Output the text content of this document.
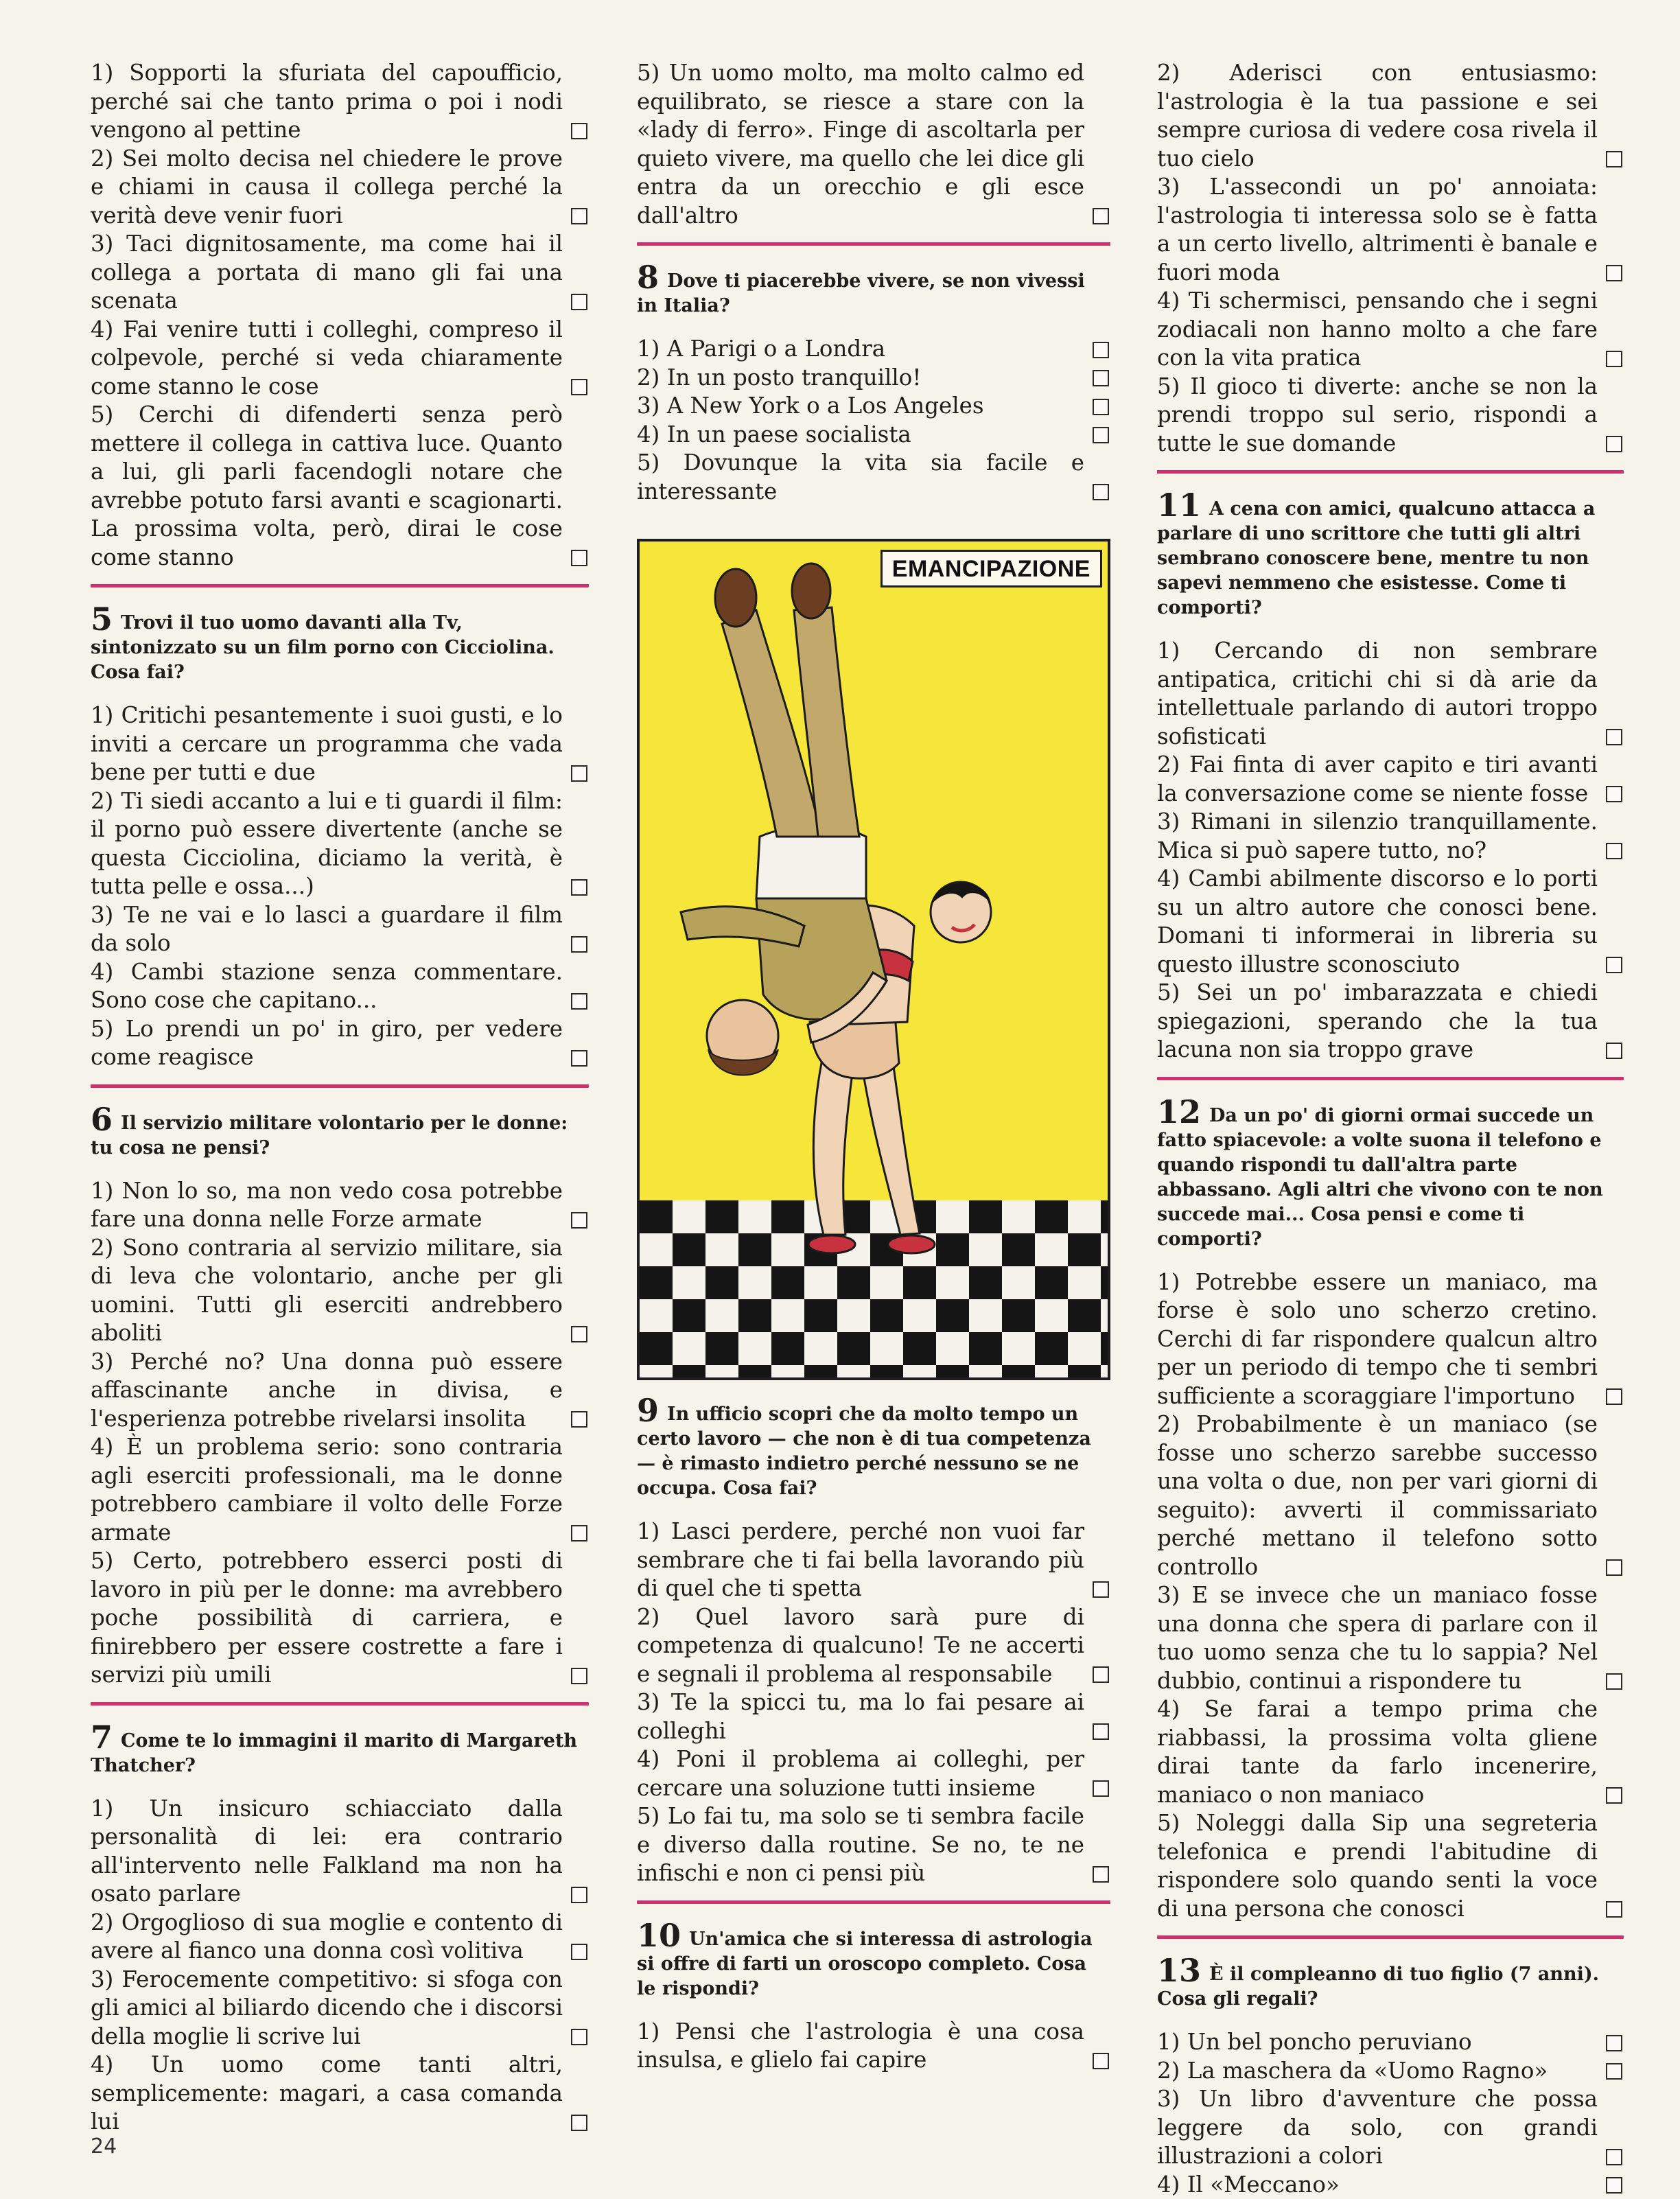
1) Sopporti la sfuriata del capoufficio, perché sai che tanto prima o poi i nodi vengono al pettine
2) Sei molto decisa nel chiedere le prove e chiami in causa il collega perché la verità deve venir fuori
3) Taci dignitosamente, ma come hai il collega a portata di mano gli fai una scenata
4) Fai venire tutti i colleghi, compreso il colpevole, perché si veda chiaramente come stanno le cose
5) Cerchi di difenderti senza però mettere il collega in cattiva luce. Quanto a lui, gli parli facendogli notare che avrebbe potuto farsi avanti e scagionarti. La prossima volta, però, dirai le cose come stanno
5 Trovi il tuo uomo davanti alla Tv, sintonizzato su un film porno con Cicciolina. Cosa fai?
1) Critichi pesantemente i suoi gusti, e lo inviti a cercare un programma che vada bene per tutti e due
2) Ti siedi accanto a lui e ti guardi il film: il porno può essere divertente (anche se questa Cicciolina, diciamo la verità, è tutta pelle e ossa...)
3) Te ne vai e lo lasci a guardare il film da solo
4) Cambi stazione senza commentare. Sono cose che capitano...
5) Lo prendi un po' in giro, per vedere come reagisce
6 Il servizio militare volontario per le donne: tu cosa ne pensi?
1) Non lo so, ma non vedo cosa potrebbe fare una donna nelle Forze armate
2) Sono contraria al servizio militare, sia di leva che volontario, anche per gli uomini. Tutti gli eserciti andrebbero aboliti
3) Perché no? Una donna può essere affascinante anche in divisa, e l'esperienza potrebbe rivelarsi insolita
4) È un problema serio: sono contraria agli eserciti professionali, ma le donne potrebbero cambiare il volto delle Forze armate
5) Certo, potrebbero esserci posti di lavoro in più per le donne: ma avrebbero poche possibilità di carriera, e finirebbero per essere costrette a fare i servizi più umili
7 Come te lo immagini il marito di Margareth Thatcher?
1) Un insicuro schiacciato dalla personalità di lei: era contrario all'intervento nelle Falkland ma non ha osato parlare
2) Orgoglioso di sua moglie e contento di avere al fianco una donna così volitiva
3) Ferocemente competitivo: si sfoga con gli amici al biliardo dicendo che i discorsi della moglie li scrive lui
4) Un uomo come tanti altri, semplicemente: magari, a casa comanda lui
5) Un uomo molto, ma molto calmo ed equilibrato, se riesce a stare con la «lady di ferro». Finge di ascoltarla per quieto vivere, ma quello che lei dice gli entra da un orecchio e gli esce dall'altro
8 Dove ti piacerebbe vivere, se non vivessi in Italia?
1) A Parigi o a Londra
2) In un posto tranquillo!
3) A New York o a Los Angeles
4) In un paese socialista
5) Dovunque la vita sia facile e interessante
EMANCIPAZIONE
9 In ufficio scopri che da molto tempo un certo lavoro — che non è di tua competenza — è rimasto indietro perché nessuno se ne occupa. Cosa fai?
1) Lasci perdere, perché non vuoi far sembrare che ti fai bella lavorando più di quel che ti spetta
2) Quel lavoro sarà pure di competenza di qualcuno! Te ne accerti e segnali il problema al responsabile
3) Te la spicci tu, ma lo fai pesare ai colleghi
4) Poni il problema ai colleghi, per cercare una soluzione tutti insieme
5) Lo fai tu, ma solo se ti sembra facile e diverso dalla routine. Se no, te ne infischi e non ci pensi più
10 Un'amica che si interessa di astrologia si offre di farti un oroscopo completo. Cosa le rispondi?
1) Pensi che l'astrologia è una cosa insulsa, e glielo fai capire
2) Aderisci con entusiasmo: l'astrologia è la tua passione e sei sempre curiosa di vedere cosa rivela il tuo cielo
3) L'assecondi un po' annoiata: l'astrologia ti interessa solo se è fatta a un certo livello, altrimenti è banale e fuori moda
4) Ti schermisci, pensando che i segni zodiacali non hanno molto a che fare con la vita pratica
5) Il gioco ti diverte: anche se non la prendi troppo sul serio, rispondi a tutte le sue domande
11 A cena con amici, qualcuno attacca a parlare di uno scrittore che tutti gli altri sembrano conoscere bene, mentre tu non sapevi nemmeno che esistesse. Come ti comporti?
1) Cercando di non sembrare antipatica, critichi chi si dà arie da intellettuale parlando di autori troppo sofisticati
2) Fai finta di aver capito e tiri avanti la conversazione come se niente fosse
3) Rimani in silenzio tranquillamente. Mica si può sapere tutto, no?
4) Cambi abilmente discorso e lo porti su un altro autore che conosci bene. Domani ti informerai in libreria su questo illustre sconosciuto
5) Sei un po' imbarazzata e chiedi spiegazioni, sperando che la tua lacuna non sia troppo grave
12 Da un po' di giorni ormai succede un fatto spiacevole: a volte suona il telefono e quando rispondi tu dall'altra parte abbassano. Agli altri che vivono con te non succede mai... Cosa pensi e come ti comporti?
1) Potrebbe essere un maniaco, ma forse è solo uno scherzo cretino. Cerchi di far rispondere qualcun altro per un periodo di tempo che ti sembri sufficiente a scoraggiare l'importuno
2) Probabilmente è un maniaco (se fosse uno scherzo sarebbe successo una volta o due, non per vari giorni di seguito): avverti il commissariato perché mettano il telefono sotto controllo
3) E se invece che un maniaco fosse una donna che spera di parlare con il tuo uomo senza che tu lo sappia? Nel dubbio, continui a rispondere tu
4) Se farai a tempo prima che riabbassi, la prossima volta gliene dirai tante da farlo incenerire, maniaco o non maniaco
5) Noleggi dalla Sip una segreteria telefonica e prendi l'abitudine di rispondere solo quando senti la voce di una persona che conosci
13 È il compleanno di tuo figlio (7 anni). Cosa gli regali?
1) Un bel poncho peruviano
2) La maschera da «Uomo Ragno»
3) Un libro d'avventure che possa leggere da solo, con grandi illustrazioni a colori
4) Il «Meccano»
24
